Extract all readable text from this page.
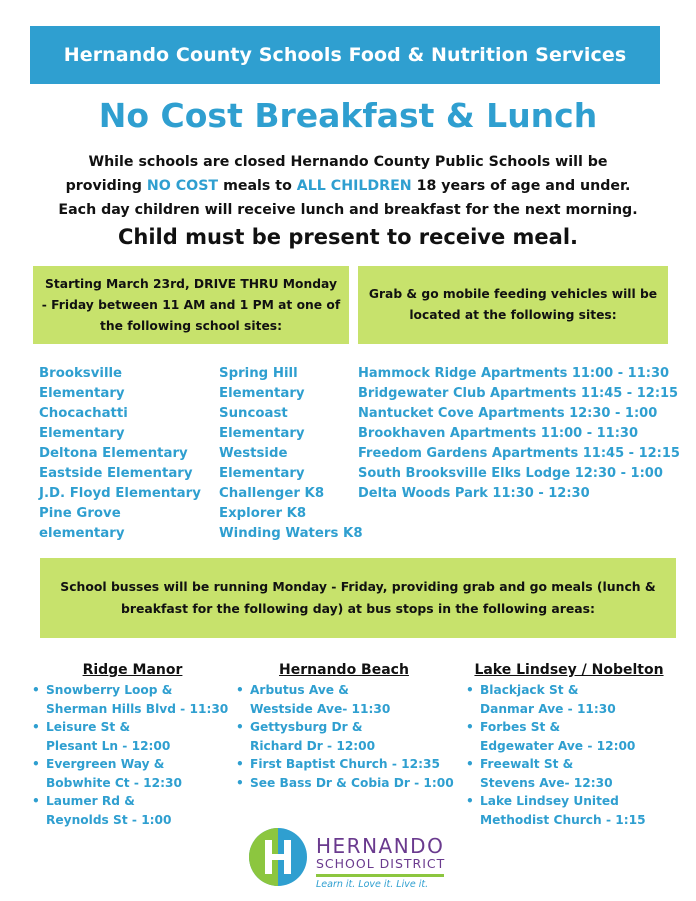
Hernando County Schools Food & Nutrition Services
No Cost Breakfast & Lunch
While schools are closed Hernando County Public Schools will be
providing NO COST meals to ALL CHILDREN 18 years of age and under.
Each day children will receive lunch and breakfast for the next morning.
Child must be present to receive meal.
Starting March 23rd, DRIVE THRU Monday - Friday between 11 AM and 1 PM at one of the following school sites:
Grab & go mobile feeding vehicles will be located at the following sites:
Brooksville
Elementary
Chocachatti
Elementary
Deltona Elementary
Eastside Elementary
J.D. Floyd Elementary
Pine Grove
elementary
Spring Hill
Elementary
Suncoast
Elementary
Westside
Elementary
Challenger K8
Explorer K8
Winding Waters K8
Hammock Ridge Apartments 11:00 - 11:30
Bridgewater Club Apartments 11:45 - 12:15
Nantucket Cove Apartments 12:30 - 1:00
Brookhaven Apartments 11:00 - 11:30
Freedom Gardens Apartments 11:45 - 12:15
South Brooksville Elks Lodge 12:30 - 1:00
Delta Woods Park 11:30 - 12:30
School busses will be running Monday - Friday, providing grab and go meals (lunch & breakfast for the following day) at bus stops in the following areas:
Ridge Manor
• Snowberry Loop &
Sherman Hills Blvd - 11:30
• Leisure St &
Plesant Ln - 12:00
• Evergreen Way &
Bobwhite Ct - 12:30
• Laumer Rd &
Reynolds St - 1:00
Hernando Beach
• Arbutus Ave &
Westside Ave- 11:30
• Gettysburg Dr &
Richard Dr - 12:00
• First Baptist Church - 12:35
• See Bass Dr & Cobia Dr - 1:00
Lake Lindsey / Nobelton
• Blackjack St &
Danmar Ave - 11:30
• Forbes St &
Edgewater Ave - 12:00
• Freewalt St &
Stevens Ave- 12:30
• Lake Lindsey United
Methodist Church - 1:15
HERNANDO
SCHOOL DISTRICT
Learn it. Love it. Live it.
